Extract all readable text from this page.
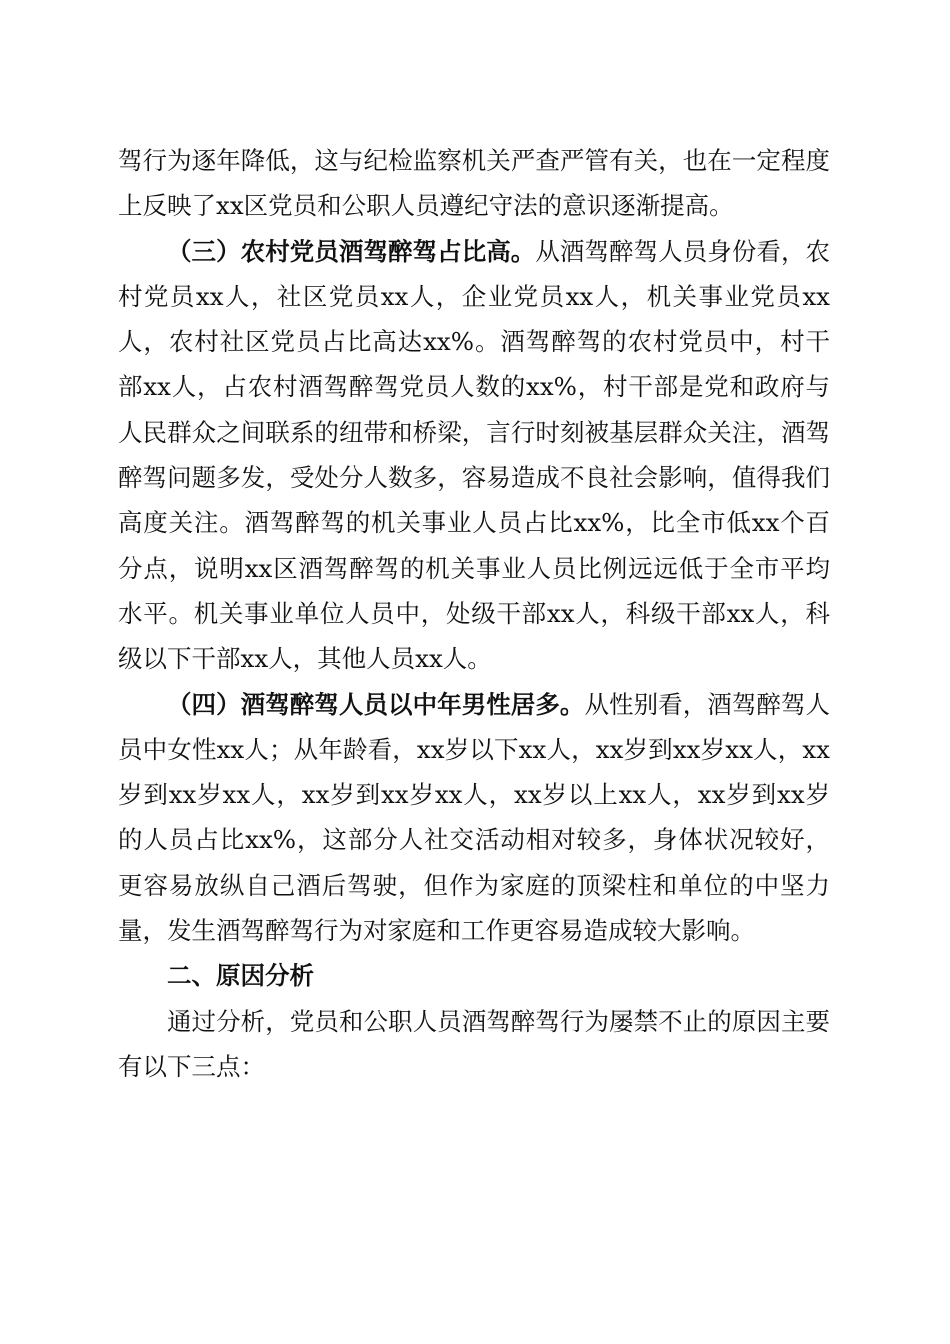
驾行为逐年降低，这与纪检监察机关严查严管有关，也在一定程度上反映了xx区党员和公职人员遵纪守法的意识逐渐提高。

（三）农村党员酒驾醉驾占比高。从酒驾醉驾人员身份看，农村党员xx人，社区党员xx人，企业党员xx人，机关事业党员xx人，农村社区党员占比高达xx%。酒驾醉驾的农村党员中，村干部xx人，占农村酒驾醉驾党员人数的xx%，村干部是党和政府与人民群众之间联系的纽带和桥梁，言行时刻被基层群众关注，酒驾醉驾问题多发，受处分人数多，容易造成不良社会影响，值得我们高度关注。酒驾醉驾的机关事业人员占比xx%，比全市低xx个百分点，说明xx区酒驾醉驾的机关事业人员比例远远低于全市平均水平。机关事业单位人员中，处级干部xx人，科级干部xx人，科级以下干部xx人，其他人员xx人。

（四）酒驾醉驾人员以中年男性居多。从性别看，酒驾醉驾人员中女性xx人；从年龄看，xx岁以下xx人，xx岁到xx岁xx人，xx岁到xx岁xx人，xx岁到xx岁xx人，xx岁以上xx人，xx岁到xx岁的人员占比xx%，这部分人社交活动相对较多，身体状况较好，更容易放纵自己酒后驾驶，但作为家庭的顶梁柱和单位的中坚力量，发生酒驾醉驾行为对家庭和工作更容易造成较大影响。

二、原因分析

通过分析，党员和公职人员酒驾醉驾行为屡禁不止的原因主要有以下三点：
